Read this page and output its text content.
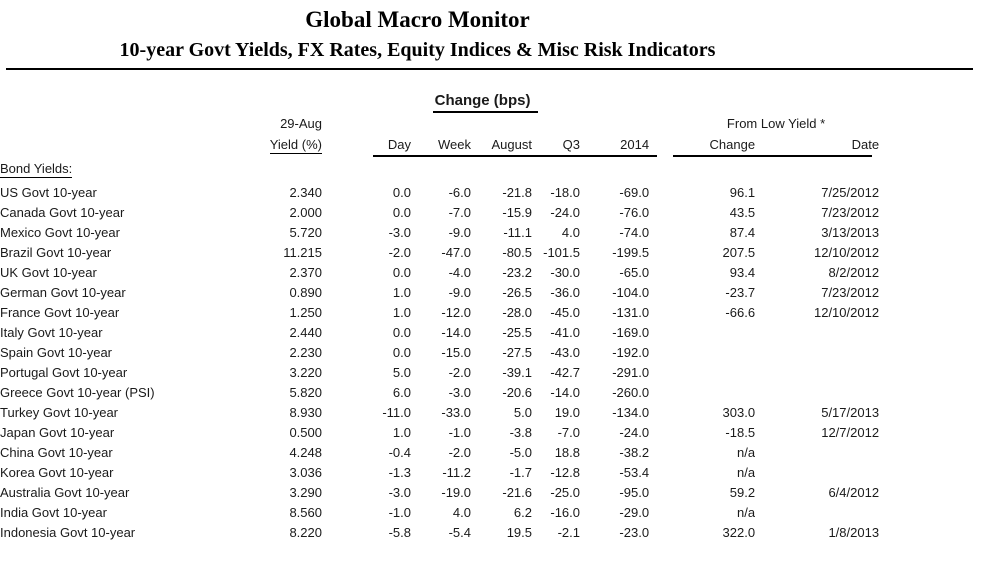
Global Macro Monitor
10-year Govt Yields, FX Rates, Equity Indices & Misc Risk Indicators
		Change (bps)							
	29-Aug							From Low Yield *	
	Yield (%)	Day	Week	August	Q3	2014		Change	Date
Bond Yields:									
US Govt 10-year	2.340	0.0	-6.0	-21.8	-18.0	-69.0		96.1	7/25/2012
Canada Govt 10-year	2.000	0.0	-7.0	-15.9	-24.0	-76.0		43.5	7/23/2012
Mexico Govt 10-year	5.720	-3.0	-9.0	-11.1	4.0	-74.0		87.4	3/13/2013
Brazil Govt 10-year	11.215	-2.0	-47.0	-80.5	-101.5	-199.5		207.5	12/10/2012
UK Govt 10-year	2.370	0.0	-4.0	-23.2	-30.0	-65.0		93.4	8/2/2012
German Govt 10-year	0.890	1.0	-9.0	-26.5	-36.0	-104.0		-23.7	7/23/2012
France Govt 10-year	1.250	1.0	-12.0	-28.0	-45.0	-131.0		-66.6	12/10/2012
Italy Govt 10-year	2.440	0.0	-14.0	-25.5	-41.0	-169.0			
Spain Govt 10-year	2.230	0.0	-15.0	-27.5	-43.0	-192.0			
Portugal Govt 10-year	3.220	5.0	-2.0	-39.1	-42.7	-291.0			
Greece Govt 10-year (PSI)	5.820	6.0	-3.0	-20.6	-14.0	-260.0			
Turkey Govt 10-year	8.930	-11.0	-33.0	5.0	19.0	-134.0		303.0	5/17/2013
Japan Govt 10-year	0.500	1.0	-1.0	-3.8	-7.0	-24.0		-18.5	12/7/2012
China Govt 10-year	4.248	-0.4	-2.0	-5.0	18.8	-38.2		n/a	
Korea Govt 10-year	3.036	-1.3	-11.2	-1.7	-12.8	-53.4		n/a	
Australia Govt 10-year	3.290	-3.0	-19.0	-21.6	-25.0	-95.0		59.2	6/4/2012
India Govt 10-year	8.560	-1.0	4.0	6.2	-16.0	-29.0		n/a	
Indonesia Govt 10-year	8.220	-5.8	-5.4	19.5	-2.1	-23.0		322.0	1/8/2013
